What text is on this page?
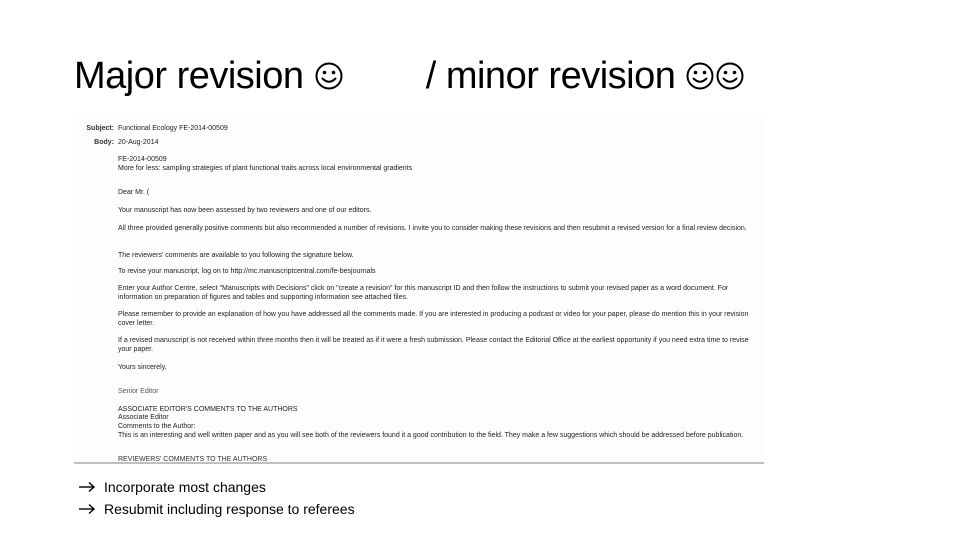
Major revision	/ minor revision
Subject: Functional Ecology FE-2014-00509
Body: 20-Aug-2014
FE-2014-00509
More for less: sampling strategies of plant functional traits across local environmental gradients
Dear Mr. (
Your manuscript has now been assessed by two reviewers and one of our editors.
All three provided generally positive comments but also recommended a number of revisions. I invite you to consider making these revisions and then resubmit a revised version for a final review decision.
The reviewers' comments are available to you following the signature below.
To revise your manuscript, log on to http://mc.manuscriptcentral.com/fe-besjournals
Enter your Author Centre, select "Manuscripts with Decisions" click on "create a revision" for this manuscript ID and then follow the instructions to submit your revised paper as a word document. For information on preparation of figures and tables and supporting information see attached files.
Please remember to provide an explanation of how you have addressed all the comments made. If you are interested in producing a podcast or video for your paper, please do mention this in your revision cover letter.
If a revised manuscript is not received within three months then it will be treated as if it were a fresh submission. Please contact the Editorial Office at the earliest opportunity if you need extra time to revise your paper.
Yours sincerely,
Senior Editor
ASSOCIATE EDITOR'S COMMENTS TO THE AUTHORS
Associate Editor
Comments to the Author:
This is an interesting and well written paper and as you will see both of the reviewers found it a good contribution to the field. They make a few suggestions which should be addressed before publication.
REVIEWERS' COMMENTS TO THE AUTHORS
Incorporate most changes
Resubmit including response to referees
